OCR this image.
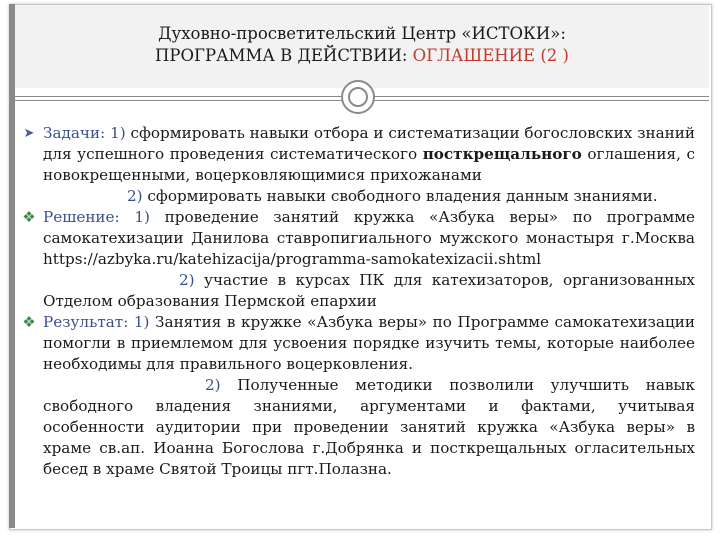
Духовно-просветительский Центр «ИСТОКИ»:
ПРОГРАММА В ДЕЙСТВИИ: ОГЛАШЕНИЕ (2 )

➤ Задачи: 1) сформировать навыки отбора и систематизации богословских знаний для успешного проведения систематического посткрещального оглашения, с новокрещенными, воцерковляющимися прихожанами

2) сформировать навыки свободного владения данным знаниями.

❖ Решение: 1) проведение занятий кружка «Азбука веры» по программе самокатехизации Данилова ставропигиального мужского монастыря г.Москва https://azbyka.ru/katehizacija/programma-samokatexizacii.shtml

2) участие в курсах ПК для катехизаторов, организованных Отделом образования Пермской епархии

❖ Результат: 1) Занятия в кружке «Азбука веры» по Программе самокатехизации помогли в приемлемом для усвоения порядке изучить темы, которые наиболее необходимы для правильного воцерковления.

2) Полученные методики позволили улучшить навык свободного владения знаниями, аргументами и фактами, учитывая особенности аудитории при проведении занятий кружка «Азбука веры» в храме св.ап. Иоанна Богослова г.Добрянка и посткрещальных огласительных бесед в храме Святой Троицы пгт.Полазна.
